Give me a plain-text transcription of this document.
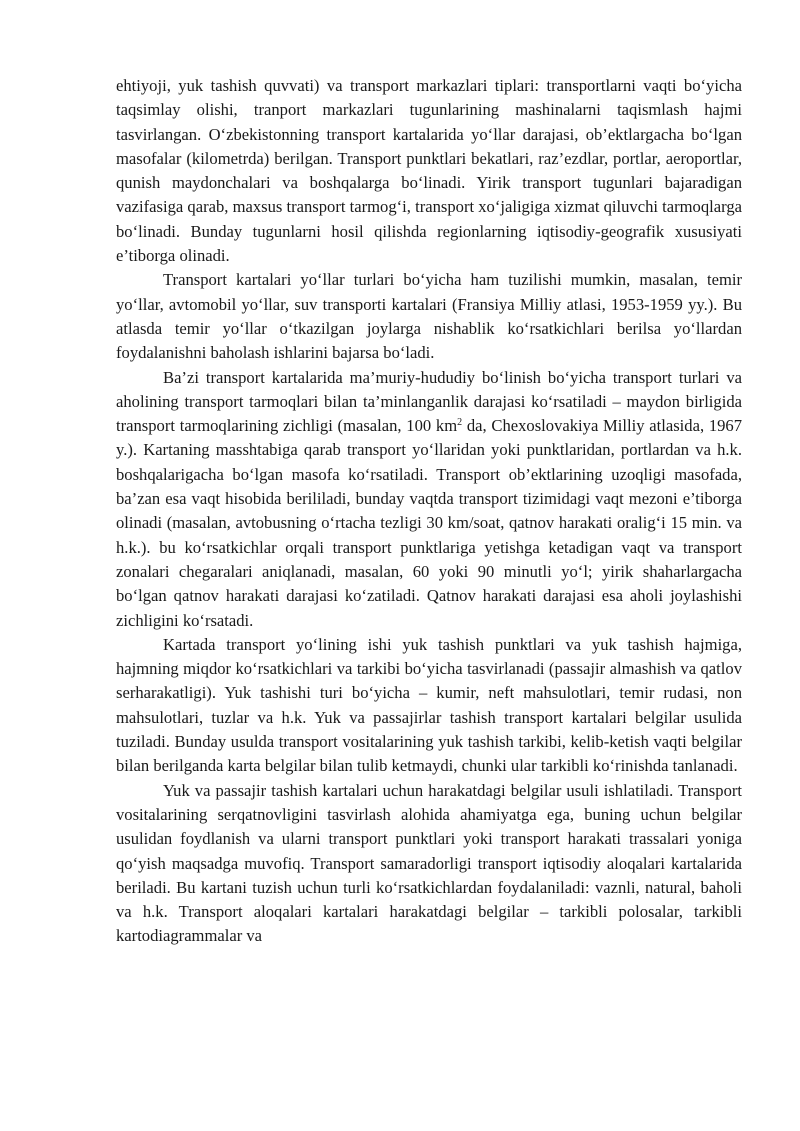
ehtiyoji, yuk tashish quvvati) va transport markazlari tiplari: transportlarni vaqti bo‘yicha taqsimlay olishi, tranport markazlari tugunlarining mashinalarni taqismlash hajmi tasvirlangan. O‘zbekistonning transport kartalarida yo‘llar darajasi, ob’ektlargacha bo‘lgan masofalar (kilometrda) berilgan. Transport punktlari bekatlari, raz’ezdlar, portlar, aeroportlar, qunish maydonchalari va boshqalarga bo‘linadi. Yirik transport tugunlari bajaradigan vazifasiga qarab, maxsus transport tarmog‘i, transport xo‘jaligiga xizmat qiluvchi tarmoqlarga bo‘linadi. Bunday tugunlarni hosil qilishda regionlarning iqtisodiy-geografik xususiyati e’tiborga olinadi.

Transport kartalari yo‘llar turlari bo‘yicha ham tuzilishi mumkin, masalan, temir yo‘llar, avtomobil yo‘llar, suv transporti kartalari (Fransiya Milliy atlasi, 1953-1959 yy.). Bu atlasda temir yo‘llar o‘tkazilgan joylarga nishablik ko‘rsatkichlari berilsa yo‘llardan foydalanishni baholash ishlarini bajarsa bo‘ladi.

Ba’zi transport kartalarida ma’muriy-hududiy bo‘linish bo‘yicha transport turlari va aholining transport tarmoqlari bilan ta’minlanganlik darajasi ko‘rsatiladi – maydon birligida transport tarmoqlarining zichligi (masalan, 100 $km^2$ da, Chexoslovakiya Milliy atlasida, 1967 y.). Kartaning masshtabiga qarab transport yo‘llaridan yoki punktlaridan, portlardan va h.k. boshqalarigacha bo‘lgan masofa ko‘rsatiladi. Transport ob’ektlarining uzoqligi masofada, ba’zan esa vaqt hisobida berililadi, bunday vaqtda transport tizimidagi vaqt mezoni e’tiborga olinadi (masalan, avtobusning o‘rtacha tezligi 30 km/soat, qatnov harakati oralig‘i 15 min. va h.k.). bu ko‘rsatkichlar orqali transport punktlariga yetishga ketadigan vaqt va transport zonalari chegaralari aniqlanadi, masalan, 60 yoki 90 minutli yo‘l; yirik shaharlargacha bo‘lgan qatnov harakati darajasi ko‘zatiladi. Qatnov harakati darajasi esa aholi joylashishi zichligini ko‘rsatadi.

Kartada transport yo‘lining ishi yuk tashish punktlari va yuk tashish hajmiga, hajmning miqdor ko‘rsatkichlari va tarkibi bo‘yicha tasvirlanadi (passajir almashish va qatlov serharakatligi). Yuk tashishi turi bo‘yicha – kumir, neft mahsulotlari, temir rudasi, non mahsulotlari, tuzlar va h.k. Yuk va passajirlar tashish transport kartalari belgilar usulida tuziladi. Bunday usulda transport vositalarining yuk tashish tarkibi, kelib-ketish vaqti belgilar bilan berilganda karta belgilar bilan tulib ketmaydi, chunki ular tarkibli ko‘rinishda tanlanadi.

Yuk va passajir tashish kartalari uchun harakatdagi belgilar usuli ishlatiladi. Transport vositalarining serqatnovligini tasvirlash alohida ahamiyatga ega, buning uchun belgilar usulidan foydlanish va ularni transport punktlari yoki transport harakati trassalari yoniga qo‘yish maqsadga muvofiq. Transport samaradorligi transport iqtisodiy aloqalari kartalarida beriladi. Bu kartani tuzish uchun turli ko‘rsatkichlardan foydalaniladi: vaznli, natural, baholi va h.k. Transport aloqalari kartalari harakatdagi belgilar – tarkibli polosalar, tarkibli kartodiagrammalar va
